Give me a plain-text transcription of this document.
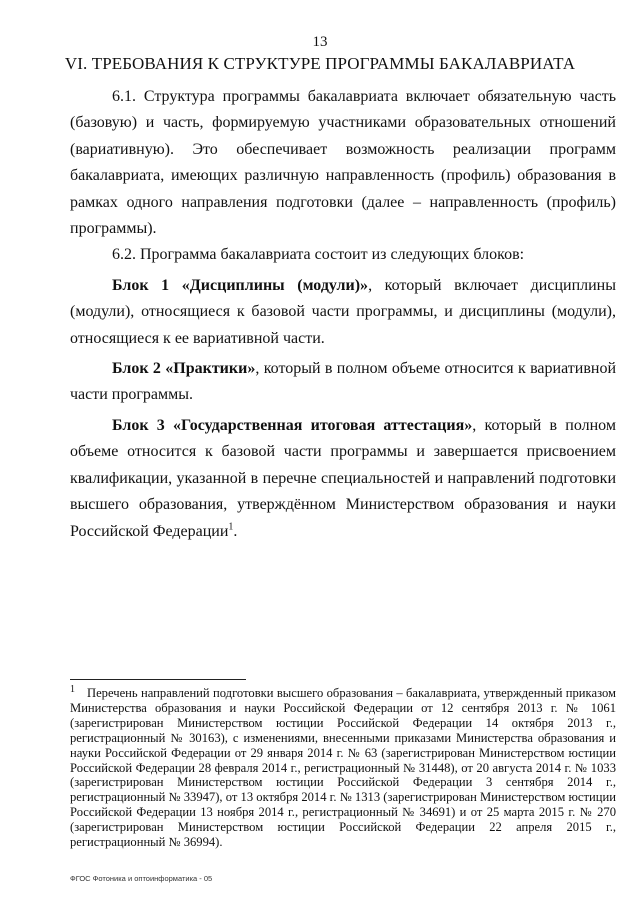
13
VI. ТРЕБОВАНИЯ К СТРУКТУРЕ ПРОГРАММЫ БАКАЛАВРИАТА

6.1. Структура программы бакалавриата включает обязательную часть (базовую) и часть, формируемую участниками образовательных отношений (вариативную). Это обеспечивает возможность реализации программ бакалавриата, имеющих различную направленность (профиль) образования в рамках одного направления подготовки (далее – направленность (профиль) программы).

6.2. Программа бакалавриата состоит из следующих блоков:

Блок 1 «Дисциплины (модули)», который включает дисциплины (модули), относящиеся к базовой части программы, и дисциплины (модули), относящиеся к ее вариативной части.

Блок 2 «Практики», который в полном объеме относится к вариативной части программы.

Блок 3 «Государственная итоговая аттестация», который в полном объеме относится к базовой части программы и завершается присвоением квалификации, указанной в перечне специальностей и направлений подготовки высшего образования, утверждённом Министерством образования и науки Российской Федерации$^1$.

$^1$ Перечень направлений подготовки высшего образования – бакалавриата, утвержденный приказом Министерства образования и науки Российской Федерации от 12 сентября 2013 г. № 1061 (зарегистрирован Министерством юстиции Российской Федерации 14 октября 2013 г., регистрационный № 30163), с изменениями, внесенными приказами Министерства образования и науки Российской Федерации от 29 января 2014 г. № 63 (зарегистрирован Министерством юстиции Российской Федерации 28 февраля 2014 г., регистрационный № 31448), от 20 августа 2014 г. № 1033 (зарегистрирован Министерством юстиции Российской Федерации 3 сентября 2014 г., регистрационный № 33947), от 13 октября 2014 г. № 1313 (зарегистрирован Министерством юстиции Российской Федерации 13 ноября 2014 г., регистрационный № 34691) и от 25 марта 2015 г. № 270 (зарегистрирован Министерством юстиции Российской Федерации 22 апреля 2015 г., регистрационный № 36994).
ФГОС Фотоника и оптоинформатика - 05
